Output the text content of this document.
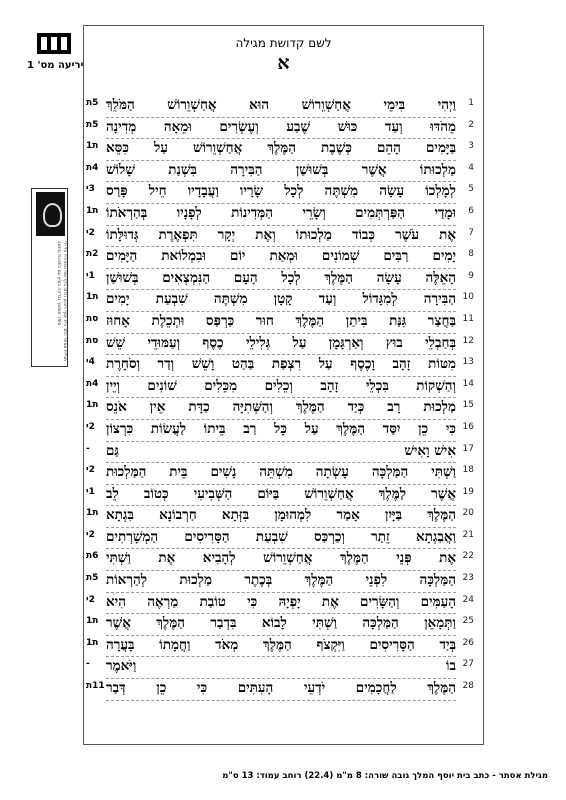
יריעה מס' 1
לשם קדושת מגילה
א
מגילת אסתר כתב בית יוסף ריבוע נכתב בקדושה ובטהרה על ידי סופר מוסמך נבדקה בעיון וגם בתוכנת מחשב
1
וַיְהִי בִּימֵי אֲחַשְׁוֵרוֹשׁ הוּא אֲחַשְׁוֵרוֹשׁ הַמֹּלֵךְ
5ת
2
מֵהֹדּוּ וְעַד כּוּשׁ שֶׁבַע וְעֶשְׂרִים וּמֵאָה מְדִינָה
5ת
3
בַּיָּמִים הָהֵם כְּשֶׁבֶת הַמֶּלֶךְ אֲחַשְׁוֵרוֹשׁ עַל כִּסֵּא
ת1
4
מַלְכוּתוֹ אֲשֶׁר בְּשׁוּשַׁן הַבִּירָה בִּשְׁנַת שָׁלוֹשׁ
4ת
5
לְמָלְכוֹ עָשָׂה מִשְׁתֶּה לְכָל שָׂרָיו וַעֲבָדָיו חֵיל פָּרַס
3י
6
וּמָדַי הַפַּרְתְּמִים וְשָׂרֵי הַמְּדִינוֹת לְפָנָיו בְּהַרְאֹתוֹ
ת1
7
אֶת עֹשֶׁר כְּבוֹד מַלְכוּתוֹ וְאֶת יְקָר תִּפְאֶרֶת גְּדוּלָּתוֹ
2י
8
יָמִים רַבִּים שְׁמוֹנִים וּמְאַת יוֹם וּבִמְלוֹאת הַיָּמִים
2ת
9
הָאֵלֶּה עָשָׂה הַמֶּלֶךְ לְכָל הָעָם הַנִּמְצְאִים בְּשׁוּשַׁן
1י
10
הַבִּירָה לְמִגָּדוֹל וְעַד קָטָן מִשְׁתֶּה שִׁבְעַת יָמִים
ת1
11
בַּחֲצַר גִּנַּת בִּיתַן הַמֶּלֶךְ חוּר כַּרְפַּס וּתְכֵלֶת אָחוּז
סת
12
בְּחַבְלֵי בוּץ וְאַרְגָּמָן עַל גְּלִילֵי כֶסֶף וְעַמּוּדֵי שֵׁשׁ
סת
13
מִטּוֹת זָהָב וָכֶסֶף עַל רִצְפַת בַּהַט וָשֵׁשׁ וְדַר וְסֹחָרֶת
4י
14
וְהַשְׁקוֹת בִּכְלֵי זָהָב וְכֵלִים מִכֵּלִים שׁוֹנִים וְיֵין
4ת
15
מַלְכוּת רָב כְּיַד הַמֶּלֶךְ וְהַשְּׁתִיָּה כַדָּת אֵין אֹנֵס
ת1
16
כִּי כֵן יִסַּד הַמֶּלֶךְ עַל כָּל רַב בֵּיתוֹ לַעֲשׂוֹת כִּרְצוֹן
2י
17
אִישׁ וָאִישׁ
גַּם
-
18
וַשְׁתִּי הַמַּלְכָּה עָשְׂתָה מִשְׁתֵּה נָשִׁים בֵּית הַמַּלְכוּת
2י
19
אֲשֶׁר לַמֶּלֶךְ אֲחַשְׁוֵרוֹשׁ בַּיּוֹם הַשְּׁבִיעִי כְּטוֹב לֵב
1י
20
הַמֶּלֶךְ בַּיָּיִן אָמַר לִמְהוּמָן בִּזְּתָא חַרְבוֹנָא בִּגְתָא
ת1
21
וַאֲבַגְתָא זֵתַר וְכַרְכַּס שִׁבְעַת הַסָּרִיסִים הַמְשָׁרְתִים
2י
22
אֶת פְּנֵי הַמֶּלֶךְ אֲחַשְׁוֵרוֹשׁ לְהָבִיא אֶת וַשְׁתִּי
6ת
23
הַמַּלְכָּה לִפְנֵי הַמֶּלֶךְ בְּכֶתֶר מַלְכוּת לְהַרְאוֹת
5ת
24
הָעַמִּים וְהַשָּׂרִים אֶת יָפְיָהּ כִּי טוֹבַת מַרְאֶה הִיא
2י
25
וַתְּמָאֵן הַמַּלְכָּה וַשְׁתִּי לָבוֹא בִּדְבַר הַמֶּלֶךְ אֲשֶׁר
ת1
26
בְּיַד הַסָּרִיסִים וַיִּקְצֹף הַמֶּלֶךְ מְאֹד וַחֲמָתוֹ בָּעֲרָה
ת1
27
בוֹ
וַיֹּאמֶר
-
28
הַמֶּלֶךְ לַחֲכָמִים יֹדְעֵי הָעִתִּים כִּי כֵן דְּבַר
11ת
מגילת אסתר - כתב בית יוסף המלך גובה שורה: 8 מ"מ (22.4) רוחב עמוד: 13 ס"מ
